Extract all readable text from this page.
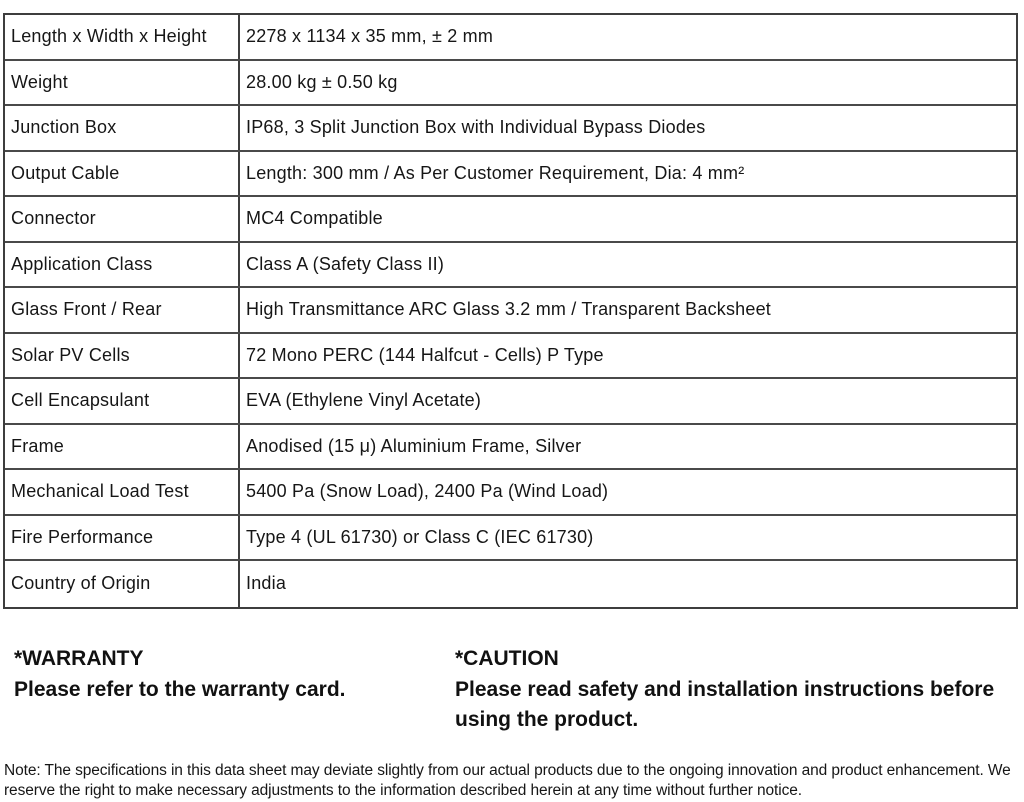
Length x Width x Height	2278 x 1134 x 35 mm, ± 2 mm
Weight	28.00 kg ± 0.50 kg
Junction Box	IP68, 3 Split Junction Box with Individual Bypass Diodes
Output Cable	Length: 300 mm / As Per Customer Requirement, Dia: 4 mm²
Connector	MC4 Compatible
Application Class	Class A (Safety Class II)
Glass Front / Rear	High Transmittance ARC Glass 3.2 mm / Transparent Backsheet
Solar PV Cells	72 Mono PERC (144 Halfcut - Cells) P Type
Cell Encapsulant	EVA (Ethylene Vinyl Acetate)
Frame	Anodised (15 μ) Aluminium Frame, Silver
Mechanical Load Test	5400 Pa (Snow Load), 2400 Pa (Wind Load)
Fire Performance	Type 4 (UL 61730) or Class C (IEC 61730)
Country of Origin	India
*WARRANTY
Please refer to the warranty card.
*CAUTION
Please read safety and installation instructions before using the product.
Note: The specifications in this data sheet may deviate slightly from our actual products due to the ongoing innovation and product enhancement. We reserve the right to make necessary adjustments to the information described herein at any time without further notice.
